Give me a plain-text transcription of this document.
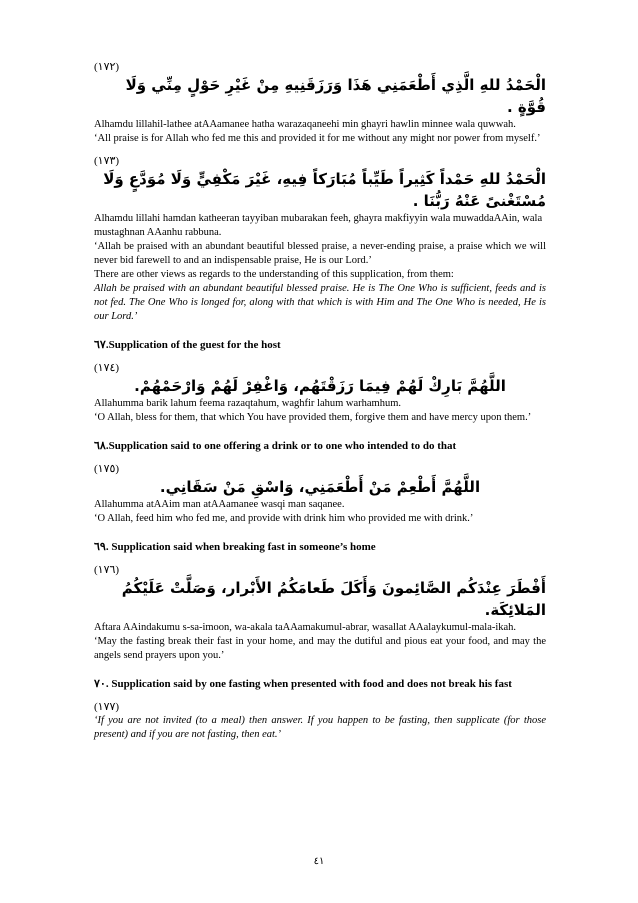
(١٧٢)
الْحَمْدُ للهِ الَّذِي أَطْعَمَنِي هَذَا وَرَزَقَنِيهِ مِنْ غَيْرِ حَوْلٍ مِنِّي وَلَا قُوَّةٍ .
Alhamdu lillahil-lathee atAAamanee hatha warazaqaneehi min ghayri hawlin minnee wala quwwah.
‘All praise is for Allah who fed me this and provided it for me without any might nor power from myself.’
(١٧٣)
الْحَمْدُ للهِ حَمْداً كَثِيراً طَيِّباً مُبَارَكاً فِيهِ، غَيْرَ مَكْفِيٍّ وَلَا مُوَدَّعٍ وَلَا مُسْتَغْنىً عَنْهُ رَبُّنَا .
Alhamdu lillahi hamdan katheeran tayyiban mubarakan feeh, ghayra makfiyyin wala muwaddaAAin, wala mustaghnan AAanhu rabbuna.
‘Allah be praised with an abundant beautiful blessed praise, a never-ending praise, a praise which we will never bid farewell to and an indispensable praise, He is our Lord.’
There are other views as regards to the understanding of this supplication, from them:
Allah be praised with an abundant beautiful blessed praise. He is The One Who is sufficient, feeds and is not fed. The One Who is longed for, along with that which is with Him and The One Who is needed, He is our Lord.’
٦٧.Supplication of the guest for the host
(١٧٤)
اللَّهُمَّ بَارِكْ لَهُمْ فِيمَا رَزَقْتَهُم، وَاغْفِرْ لَهُمْ وَارْحَمْهُمْ.
Allahumma barik lahum feema razaqtahum, waghfir lahum warhamhum.
‘O Allah, bless for them, that which You have provided them, forgive them and have mercy upon them.’
٦٨.Supplication said to one offering a drink or to one who intended to do that
(١٧٥)
اللَّهُمَّ أَطْعِمْ مَنْ أَطْعَمَنِي، وَاسْقِ مَنْ سَقَانِي.
Allahumma atAAim man atAAamanee wasqi man saqanee.
‘O Allah, feed him who fed me, and provide with drink him who provided me with drink.’
٦٩. Supplication said when breaking fast in someone’s home
(١٧٦)
أَفْطَرَ عِنْدَكُم الصَّائِمونَ وَأَكَلَ طَعامَكُمُ الأَبْرار، وَصَلَّتْ عَلَيْكُمُ المَلائِكَة.
Aftara AAindakumu s-sa-imoon, wa-akala taAAamakumul-abrar, wasallat AAalaykumul-mala-ikah.
‘May the fasting break their fast in your home, and may the dutiful and pious eat your food, and may the angels send prayers upon you.’
٧٠. Supplication said by one fasting when presented with food and does not break his fast
(١٧٧)
‘If you are not invited (to a meal) then answer. If you happen to be fasting, then supplicate (for those present) and if you are not fasting, then eat.’
٤١
